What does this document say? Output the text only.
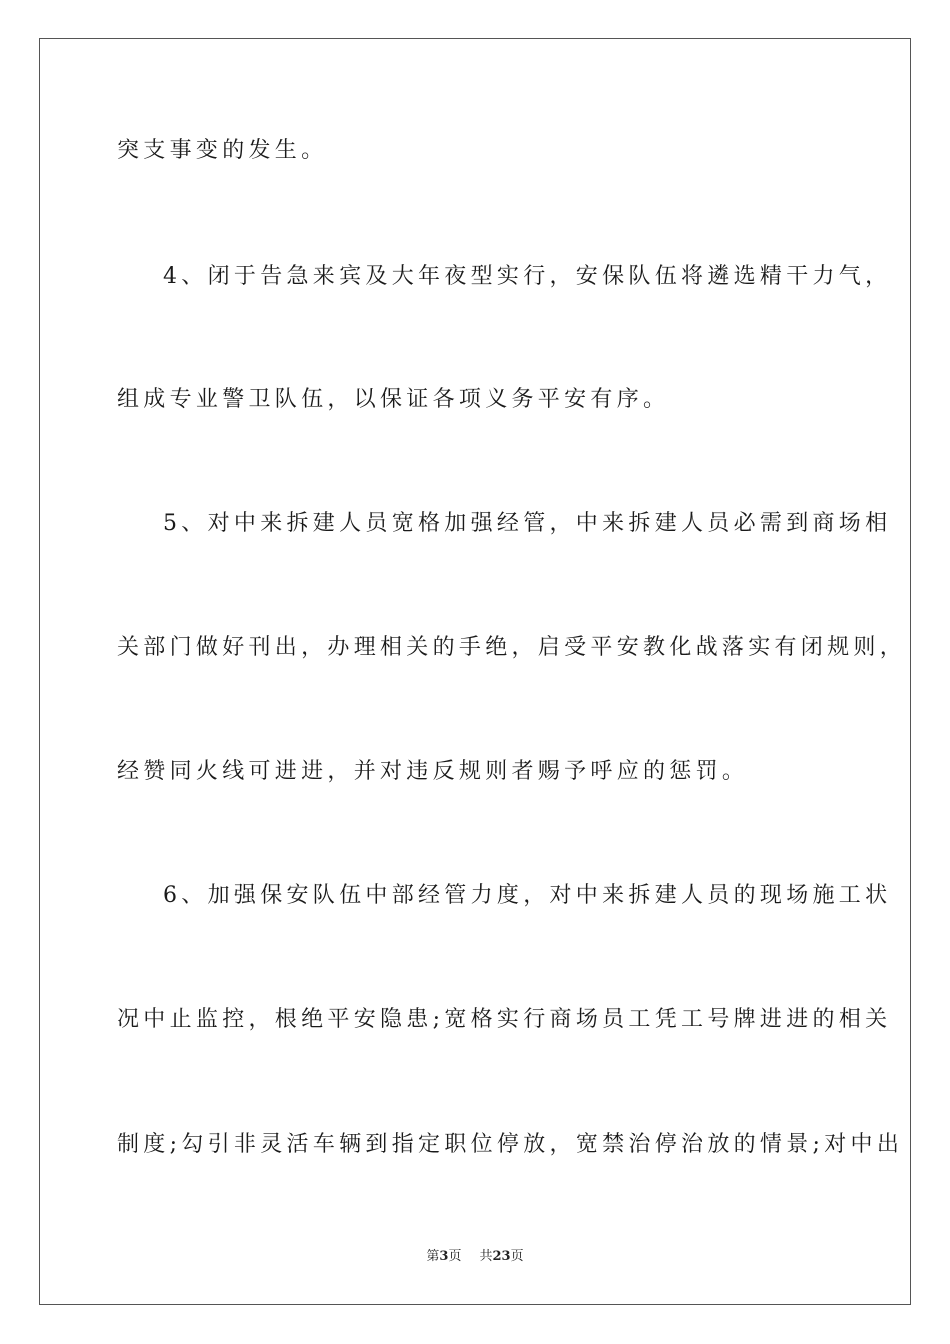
突支事变的发生。
4、闭于告急来宾及大年夜型实行，安保队伍将遴选精干力气，
组成专业警卫队伍，以保证各项义务平安有序。
5、对中来拆建人员宽格加强经管，中来拆建人员必需到商场相
关部门做好刊出，办理相关的手绝，启受平安教化战落实有闭规则，
经赞同火线可进进，并对违反规则者赐予呼应的惩罚。
6、加强保安队伍中部经管力度，对中来拆建人员的现场施工状
况中止监控，根绝平安隐患;宽格实行商场员工凭工号牌进进的相关
制度;勾引非灵活车辆到指定职位停放，宽禁治停治放的情景;对中出
第3页 共23页
